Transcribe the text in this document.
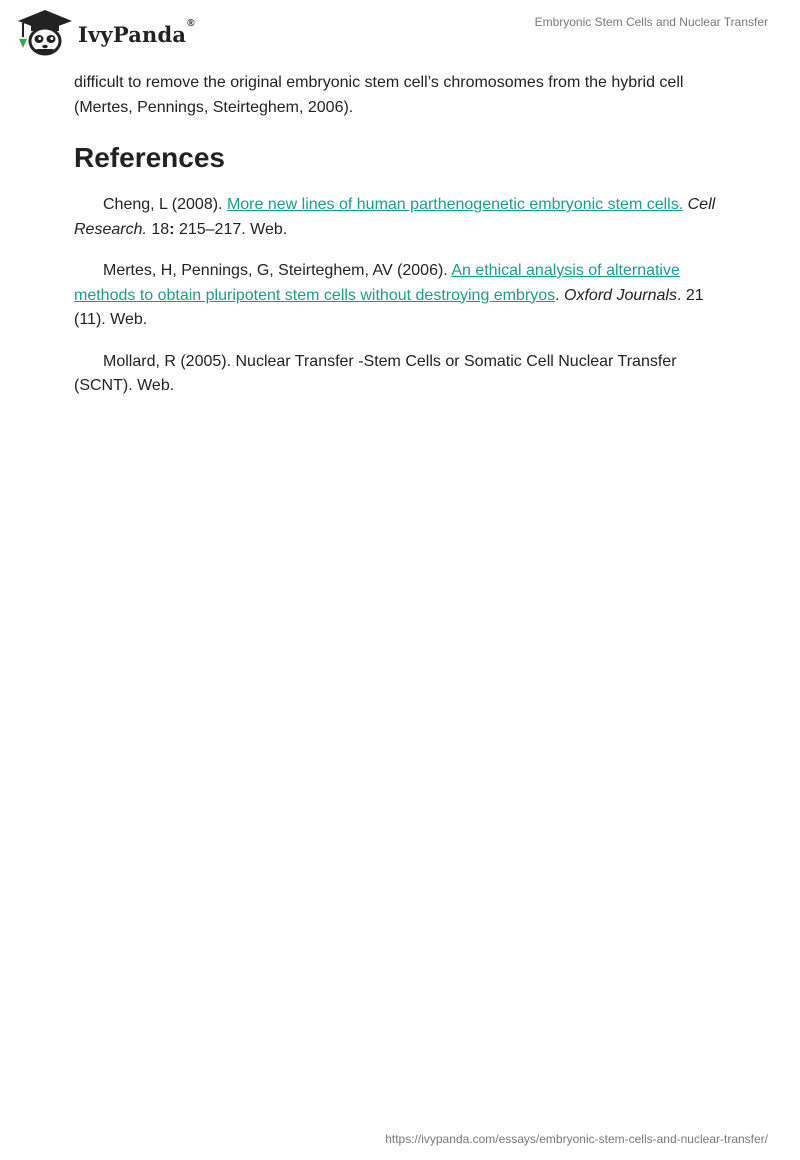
IvyPanda®	Embryonic Stem Cells and Nuclear Transfer

difficult to remove the original embryonic stem cell’s chromosomes from the hybrid cell (Mertes, Pennings, Steirteghem, 2006).

References

Cheng, L (2008). More new lines of human parthenogenetic embryonic stem cells. Cell Research. 18: 215–217. Web.

Mertes, H, Pennings, G, Steirteghem, AV (2006). An ethical analysis of alternative methods to obtain pluripotent stem cells without destroying embryos. Oxford Journals. 21 (11). Web.

Mollard, R (2005). Nuclear Transfer -Stem Cells or Somatic Cell Nuclear Transfer (SCNT). Web.

https://ivypanda.com/essays/embryonic-stem-cells-and-nuclear-transfer/
